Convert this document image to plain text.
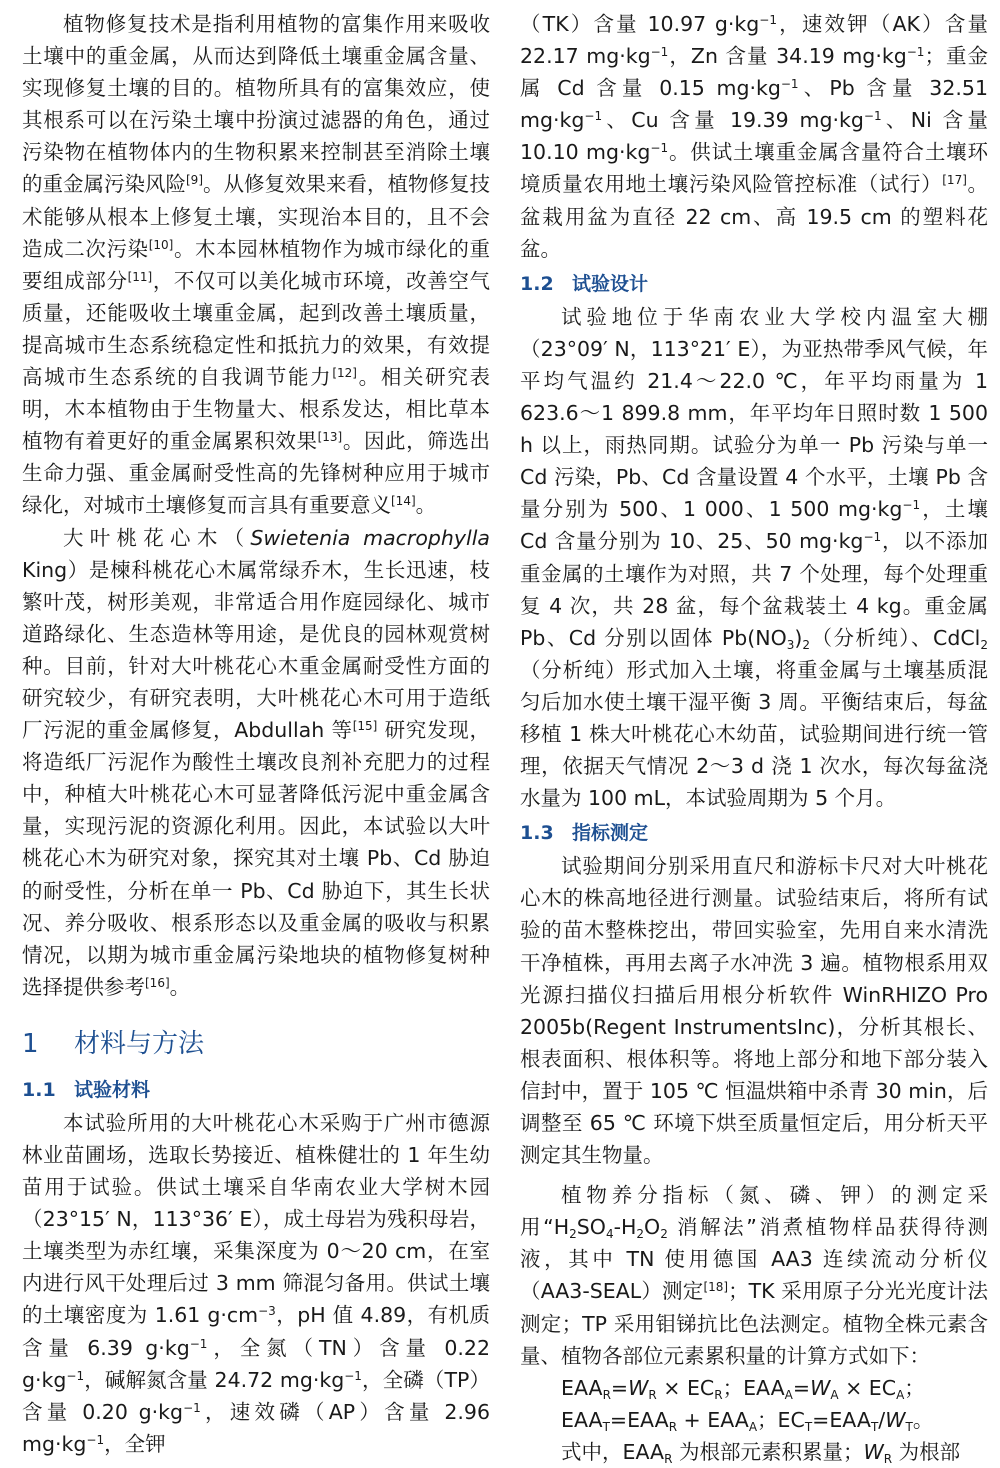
植物修复技术是指利用植物的富集作用来吸收土壤中的重金属，从而达到降低土壤重金属含量、实现修复土壤的目的。植物所具有的富集效应，使其根系可以在污染土壤中扮演过滤器的角色，通过污染物在植物体内的生物积累来控制甚至消除土壤的重金属污染风险[9]。从修复效果来看，植物修复技术能够从根本上修复土壤，实现治本目的，且不会造成二次污染[10]。木本园林植物作为城市绿化的重要组成部分[11]，不仅可以美化城市环境，改善空气质量，还能吸收土壤重金属，起到改善土壤质量，提高城市生态系统稳定性和抵抗力的效果，有效提高城市生态系统的自我调节能力[12]。相关研究表明，木本植物由于生物量大、根系发达，相比草本植物有着更好的重金属累积效果[13]。因此，筛选出生命力强、重金属耐受性高的先锋树种应用于城市绿化，对城市土壤修复而言具有重要意义[14]。

大叶桃花心木（Swietenia macrophylla King）是楝科桃花心木属常绿乔木，生长迅速，枝繁叶茂，树形美观，非常适合用作庭园绿化、城市道路绿化、生态造林等用途，是优良的园林观赏树种。目前，针对大叶桃花心木重金属耐受性方面的研究较少，有研究表明，大叶桃花心木可用于造纸厂污泥的重金属修复，Abdullah 等[15] 研究发现，将造纸厂污泥作为酸性土壤改良剂补充肥力的过程中，种植大叶桃花心木可显著降低污泥中重金属含量，实现污泥的资源化利用。因此，本试验以大叶桃花心木为研究对象，探究其对土壤 Pb、Cd 胁迫的耐受性，分析在单一 Pb、Cd 胁迫下，其生长状况、养分吸收、根系形态以及重金属的吸收与积累情况，以期为城市重金属污染地块的植物修复树种选择提供参考[16]。

1 材料与方法
1.1 试验材料

本试验所用的大叶桃花心木采购于广州市德源林业苗圃场，选取长势接近、植株健壮的 1 年生幼苗用于试验。供试土壤采自华南农业大学树木园（23°15′ N，113°36′ E），成土母岩为残积母岩，土壤类型为赤红壤，采集深度为 0～20 cm，在室内进行风干处理后过 3 mm 筛混匀备用。供试土壤的土壤密度为 1.61 $g\cdot cm^{-3}$，pH 值 4.89，有机质含量 6.39 $g\cdot kg^{-1}$，全氮（TN）含量 0.22 $g\cdot kg^{-1}$，碱解氮含量 24.72 $mg\cdot kg^{-1}$，全磷（TP）含量 0.20 $g\cdot kg^{-1}$，速效磷（AP）含量 2.96 $mg\cdot kg^{-1}$，全钾

（TK）含量 10.97 $g\cdot kg^{-1}$，速效钾（AK）含量 22.17 $mg\cdot kg^{-1}$，Zn 含量 34.19 $mg\cdot kg^{-1}$；重金属 Cd 含量 0.15 $mg\cdot kg^{-1}$、Pb 含量 32.51 $mg\cdot kg^{-1}$、Cu 含量 19.39 $mg\cdot kg^{-1}$、Ni 含量 10.10 $mg\cdot kg^{-1}$。供试土壤重金属含量符合土壤环境质量农用地土壤污染风险管控标准（试行）[17]。盆栽用盆为直径 22 cm、高 19.5 cm 的塑料花盆。

1.2 试验设计

试验地位于华南农业大学校内温室大棚（23°09′ N，113°21′ E），为亚热带季风气候，年平均气温约 21.4～22.0 ℃，年平均雨量为 1 623.6～1 899.8 mm，年平均年日照时数 1 500 h 以上，雨热同期。试验分为单一 Pb 污染与单一 Cd 污染，Pb、Cd 含量设置 4 个水平，土壤 Pb 含量分别为 500、1 000、1 500 $mg\cdot kg^{-1}$，土壤 Cd 含量分别为 10、25、50 $mg\cdot kg^{-1}$，以不添加重金属的土壤作为对照，共 7 个处理，每个处理重复 4 次，共 28 盆，每个盆栽装土 4 kg。重金属 Pb、Cd 分别以固体 $Pb(NO_3)_2$（分析纯）、CdCl$_2$（分析纯）形式加入土壤，将重金属与土壤基质混匀后加水使土壤干湿平衡 3 周。平衡结束后，每盆移植 1 株大叶桃花心木幼苗，试验期间进行统一管理，依据天气情况 2～3 d 浇 1 次水，每次每盆浇水量为 100 mL，本试验周期为 5 个月。

1.3 指标测定

试验期间分别采用直尺和游标卡尺对大叶桃花心木的株高地径进行测量。试验结束后，将所有试验的苗木整株挖出，带回实验室，先用自来水清洗干净植株，再用去离子水冲洗 3 遍。植物根系用双光源扫描仪扫描后用根分析软件 WinRHIZO Pro 2005b(Regent InstrumentsInc)，分析其根长、根表面积、根体积等。将地上部分和地下部分装入信封中，置于 105 ℃ 恒温烘箱中杀青 30 min，后调整至 65 ℃ 环境下烘至质量恒定后，用分析天平测定其生物量。

植物养分指标（氮、磷、钾）的测定采用“$H_2SO_4-H_2O_2$ 消解法”消煮植物样品获得待测液，其中 TN 使用德国 AA3 连续流动分析仪（AA3-SEAL）测定[18]；TK 采用原子分光光度计法测定；TP 采用钼锑抗比色法测定。植物全株元素含量、植物各部位元素累积量的计算方式如下：

$EAA_R=W_R \times EC_R$；$EAA_A=W_A \times EC_A$；

$EAA_T=EAA_R + EAA_A$；$EC_T=EAA_T/W_T$。

式中，$EAA_R$ 为根部元素积累量；$W_R$ 为根部
